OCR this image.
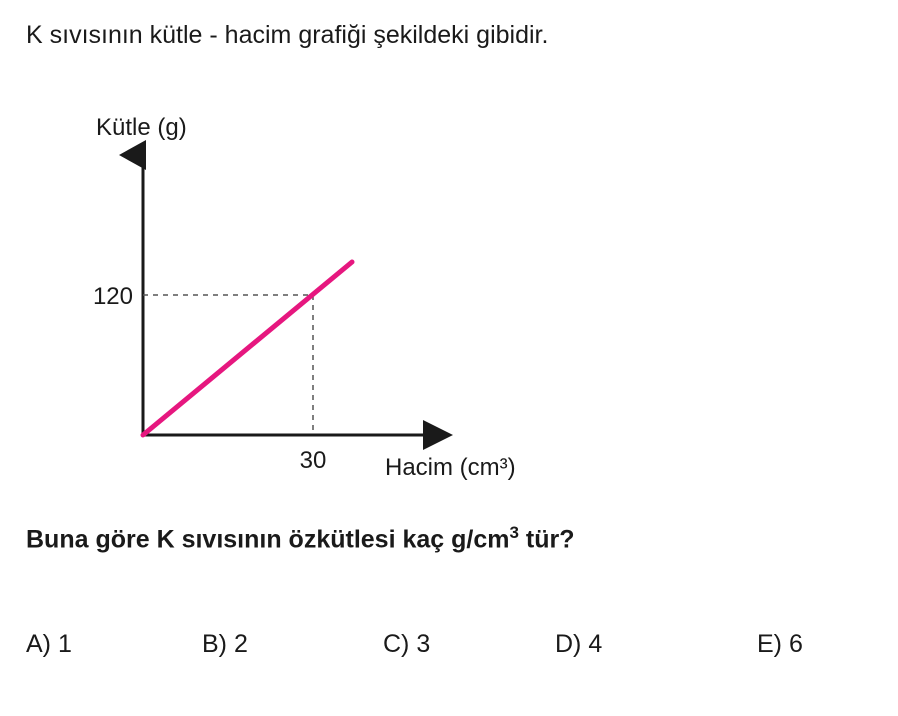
K sıvısının kütle - hacim grafiği şekildeki gibidir.
120
30
Kütle (g)
Hacim (cm³)
Buna göre K sıvısının özkütlesi kaç $g/cm^3$ tür?
A) 1	B) 2	C) 3	D) 4	E) 6
